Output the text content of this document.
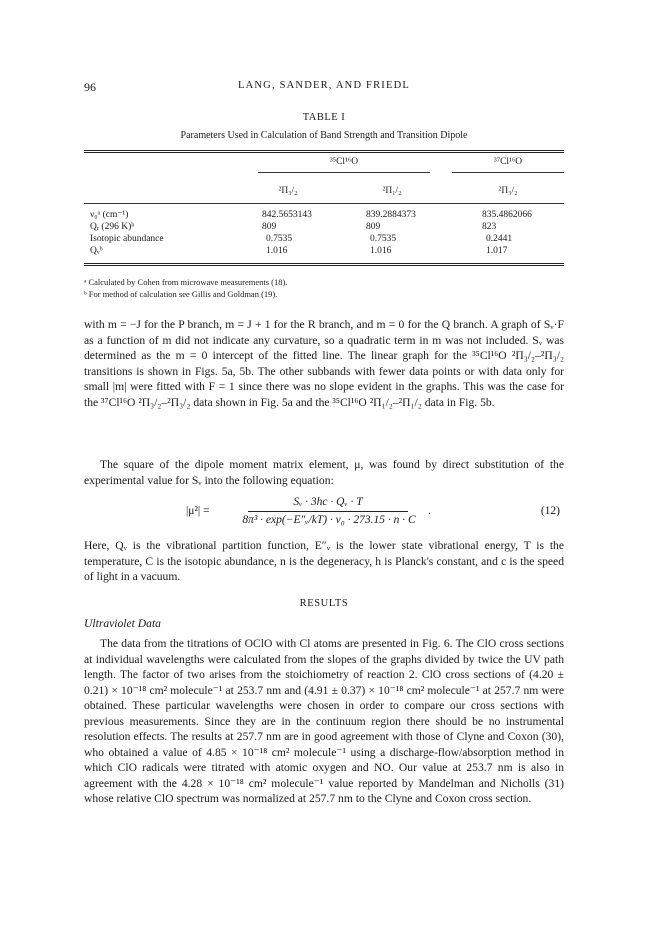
96	LANG, SANDER, AND FRIEDL
TABLE I
Parameters Used in Calculation of Band Strength and Transition Dipole
³⁵Cl¹⁶O	³⁷Cl¹⁶O
²Π₃/₂	²Π₁/₂	²Π₃/₂
ν₀ᵃ (cm⁻¹)	842.5653143	839.2884373	835.4862066
Qᵣ (296 K)ᵇ	809	809	823
Isotopic abundance	0.7535	0.7535	0.2441
Qᵥᵇ	1.016	1.016	1.017
ᵃ Calculated by Cohen from microwave measurements (18).
ᵇ For method of calculation see Gillis and Goldman (19).

with m = −J for the P branch, m = J + 1 for the R branch, and m = 0 for the Q branch. A graph of Sᵥ·F as a function of m did not indicate any curvature, so a quadratic term in m was not included. Sᵥ was determined as the m = 0 intercept of the fitted line. The linear graph for the ³⁵Cl¹⁶O ²Π₃/₂–²Π₃/₂ transitions is shown in Figs. 5a, 5b. The other subbands with fewer data points or with data only for small |m| were fitted with F = 1 since there was no slope evident in the graphs. This was the case for the ³⁷Cl¹⁶O ²Π₃/₂–²Π₃/₂ data shown in Fig. 5a and the ³⁵Cl¹⁶O ²Π₁/₂–²Π₁/₂ data in Fig. 5b.

The square of the dipole moment matrix element, μ, was found by direct substitution of the experimental value for Sᵥ into the following equation:

|μ²| =
Sᵥ · 3hc · Qᵥ · T
8π³ · exp(−E″ᵥ/kT) · ν₀ · 273.15 · n · C
.	(12)

Here, Qᵥ is the vibrational partition function, E″ᵥ is the lower state vibrational energy, T is the temperature, C is the isotopic abundance, n is the degeneracy, h is Planck's constant, and c is the speed of light in a vacuum.

RESULTS
Ultraviolet Data

The data from the titrations of OClO with Cl atoms are presented in Fig. 6. The ClO cross sections at individual wavelengths were calculated from the slopes of the graphs divided by twice the UV path length. The factor of two arises from the stoichiometry of reaction 2. ClO cross sections of (4.20 ± 0.21) × 10⁻¹⁸ cm² molecule⁻¹ at 253.7 nm and (4.91 ± 0.37) × 10⁻¹⁸ cm² molecule⁻¹ at 257.7 nm were obtained. These particular wavelengths were chosen in order to compare our cross sections with previous measurements. Since they are in the continuum region there should be no instrumental resolution effects. The results at 257.7 nm are in good agreement with those of Clyne and Coxon (30), who obtained a value of 4.85 × 10⁻¹⁸ cm² molecule⁻¹ using a discharge-flow/absorption method in which ClO radicals were titrated with atomic oxygen and NO. Our value at 253.7 nm is also in agreement with the 4.28 × 10⁻¹⁸ cm² molecule⁻¹ value reported by Mandelman and Nicholls (31) whose relative ClO spectrum was normalized at 257.7 nm to the Clyne and Coxon cross section.
